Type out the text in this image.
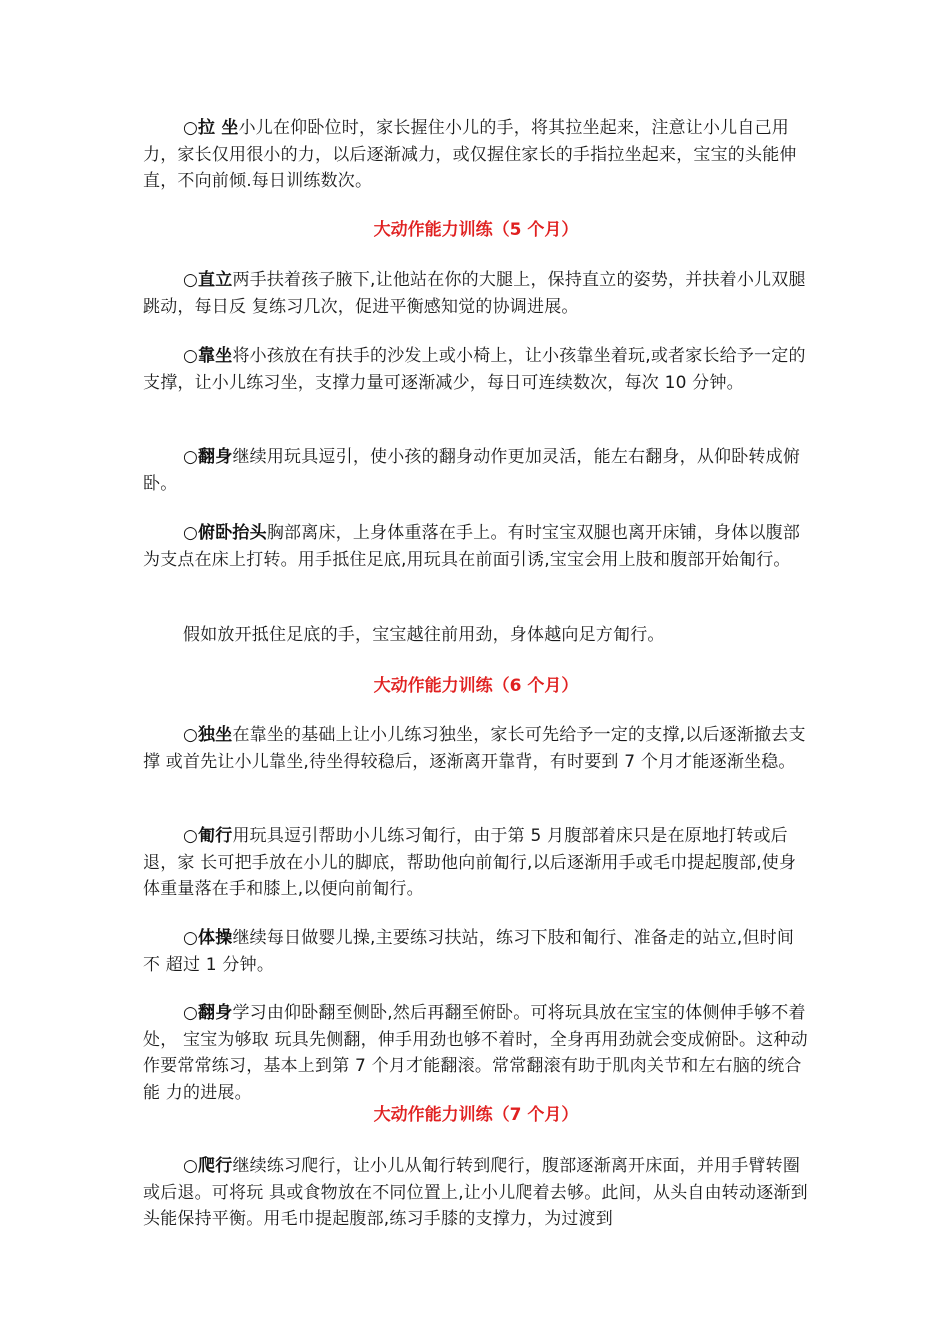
○拉 坐小儿在仰卧位时，家长握住小儿的手，将其拉坐起来，注意让小儿自己用力，家长仅用很小的力，以后逐渐减力，或仅握住家长的手指拉坐起来，宝宝的头能伸直，不向前倾.每日训练数次。

大动作能力训练（5 个月）

○直立两手扶着孩子腋下,让他站在你的大腿上，保持直立的姿势，并扶着小儿双腿跳动，每日反 复练习几次，促进平衡感知觉的协调进展。

○靠坐将小孩放在有扶手的沙发上或小椅上，让小孩靠坐着玩,或者家长给予一定的支撑，让小儿练习坐，支撑力量可逐渐减少，每日可连续数次，每次 10 分钟。

○翻身继续用玩具逗引，使小孩的翻身动作更加灵活，能左右翻身，从仰卧转成俯卧。

○俯卧抬头胸部离床，上身体重落在手上。有时宝宝双腿也离开床铺，身体以腹部为支点在床上打转。用手抵住足底,用玩具在前面引诱,宝宝会用上肢和腹部开始匍行。

假如放开抵住足底的手，宝宝越往前用劲，身体越向足方匍行。

大动作能力训练（6 个月）

○独坐在靠坐的基础上让小儿练习独坐，家长可先给予一定的支撑,以后逐渐撤去支撑 或首先让小儿靠坐,待坐得较稳后，逐渐离开靠背，有时要到 7 个月才能逐渐坐稳。

○匍行用玩具逗引帮助小儿练习匍行，由于第 5 月腹部着床只是在原地打转或后退，家 长可把手放在小儿的脚底，帮助他向前匍行,以后逐渐用手或毛巾提起腹部,使身体重量落在手和膝上,以便向前匍行。

○体操继续每日做婴儿操,主要练习扶站，练习下肢和匍行、准备走的站立,但时间不 超过 1 分钟。

○翻身学习由仰卧翻至侧卧,然后再翻至俯卧。可将玩具放在宝宝的体侧伸手够不着处， 宝宝为够取 玩具先侧翻，伸手用劲也够不着时，全身再用劲就会变成俯卧。这种动作要常常练习，基本上到第 7 个月才能翻滚。常常翻滚有助于肌肉关节和左右脑的统合能 力的进展。

大动作能力训练（7 个月）

○爬行继续练习爬行，让小儿从匍行转到爬行，腹部逐渐离开床面，并用手臂转圈或后退。可将玩 具或食物放在不同位置上,让小儿爬着去够。此间，从头自由转动逐渐到头能保持平衡。用毛巾提起腹部,练习手膝的支撑力，为过渡到
